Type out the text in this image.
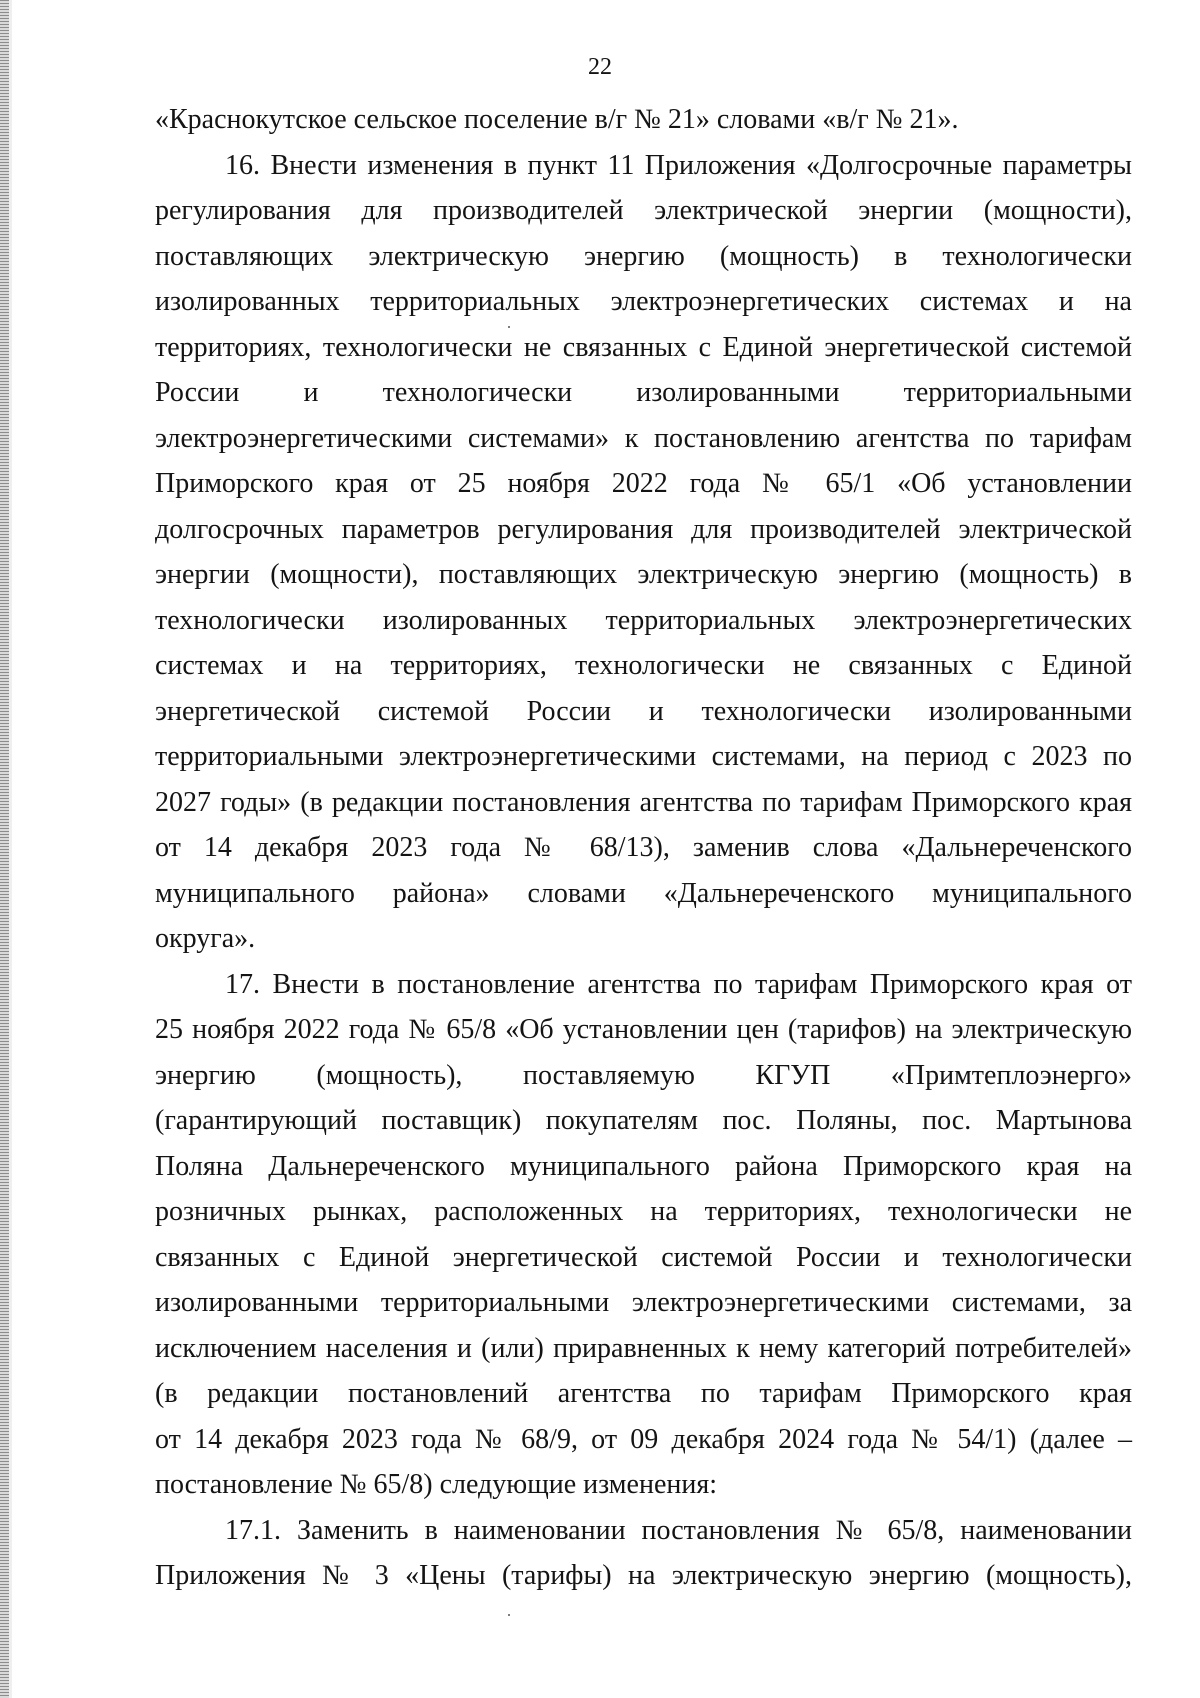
22
«Краснокутское сельское поселение в/г № 21» словами «в/г № 21».
16. Внести изменения в пункт 11 Приложения «Долгосрочные параметры
регулирования для производителей электрической энергии (мощности),
поставляющих электрическую энергию (мощность) в технологически
изолированных территориальных электроэнергетических системах и на
территориях, технологически не связанных с Единой энергетической системой
России и технологически изолированными территориальными
электроэнергетическими системами» к постановлению агентства по тарифам
Приморского края от 25 ноября 2022 года № 65/1 «Об установлении
долгосрочных параметров регулирования для производителей электрической
энергии (мощности), поставляющих электрическую энергию (мощность) в
технологически изолированных территориальных электроэнергетических
системах и на территориях, технологически не связанных с Единой
энергетической системой России и технологически изолированными
территориальными электроэнергетическими системами, на период с 2023 по
2027 годы» (в редакции постановления агентства по тарифам Приморского края
от 14 декабря 2023 года № 68/13), заменив слова «Дальнереченского
муниципального района» словами «Дальнереченского муниципального
округа».
17. Внести в постановление агентства по тарифам Приморского края от
25 ноября 2022 года № 65/8 «Об установлении цен (тарифов) на электрическую
энергию (мощность), поставляемую КГУП «Примтеплоэнерго»
(гарантирующий поставщик) покупателям пос. Поляны, пос. Мартынова
Поляна Дальнереченского муниципального района Приморского края на
розничных рынках, расположенных на территориях, технологически не
связанных с Единой энергетической системой России и технологически
изолированными территориальными электроэнергетическими системами, за
исключением населения и (или) приравненных к нему категорий потребителей»
(в редакции постановлений агентства по тарифам Приморского края
от 14 декабря 2023 года № 68/9, от 09 декабря 2024 года № 54/1) (далее –
постановление № 65/8) следующие изменения:
17.1. Заменить в наименовании постановления № 65/8, наименовании
Приложения № 3 «Цены (тарифы) на электрическую энергию (мощность),
